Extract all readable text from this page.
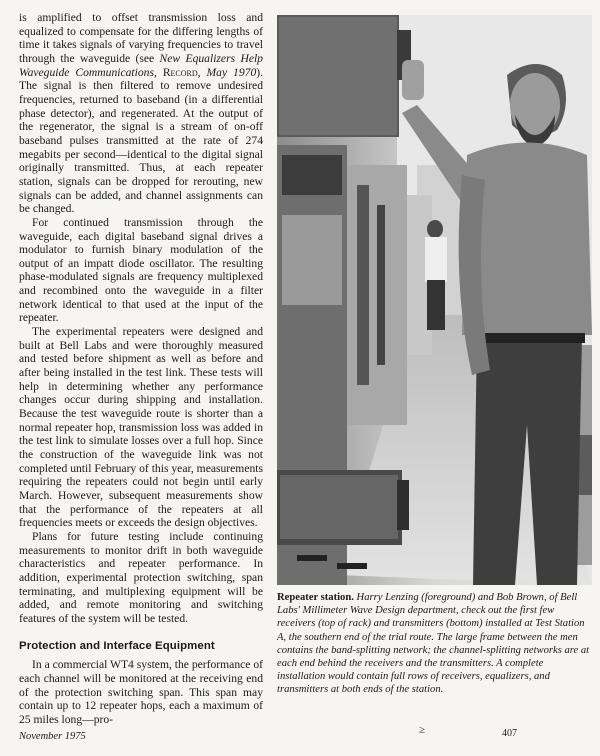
is amplified to offset transmission loss and equalized to compensate for the differing lengths of time it takes signals of varying frequencies to travel through the waveguide (see New Equalizers Help Waveguide Communications, Record, May 1970). The signal is then filtered to remove undesired frequencies, returned to baseband (in a differential phase detector), and regenerated. At the output of the regenerator, the signal is a stream of on-off baseband pulses transmitted at the rate of 274 megabits per second—identical to the digital signal originally transmitted. Thus, at each repeater station, signals can be dropped for rerouting, new signals can be added, and channel assignments can be changed.

For continued transmission through the waveguide, each digital baseband signal drives a modulator to furnish binary modulation of the output of an impatt diode oscillator. The resulting phase-modulated signals are frequency multiplexed and recombined onto the waveguide in a filter network identical to that used at the input of the repeater.

The experimental repeaters were designed and built at Bell Labs and were thoroughly measured and tested before shipment as well as before and after being installed in the test link. These tests will help in determining whether any performance changes occur during shipping and installation. Because the test waveguide route is shorter than a normal repeater hop, transmission loss was added in the test link to simulate losses over a full hop. Since the construction of the waveguide link was not completed until February of this year, measurements requiring the repeaters could not begin until early March. However, subsequent measurements show that the performance of the repeaters at all frequencies meets or exceeds the design objectives.

Plans for future testing include continuing measurements to monitor drift in both waveguide characteristics and repeater performance. In addition, experimental protection switching, span terminating, and multiplexing equipment will be added, and remote monitoring and switching features of the system will be tested.

Protection and Interface Equipment

In a commercial WT4 system, the performance of each channel will be monitored at the receiving end of the protection switching span. This span may contain up to 12 repeater hops, each a maximum of 25 miles long—pro-

Repeater station. Harry Lenzing (foreground) and Bob Brown, of Bell Labs' Millimeter Wave Design department, check out the first few receivers (top of rack) and transmitters (bottom) installed at Test Station A, the southern end of the trial route. The large frame between the men contains the band-splitting network; the channel-splitting networks are at each end behind the receivers and the transmitters. A complete installation would contain full rows of receivers, equalizers, and transmitters at both ends of the station.
November 1975
≥	407
